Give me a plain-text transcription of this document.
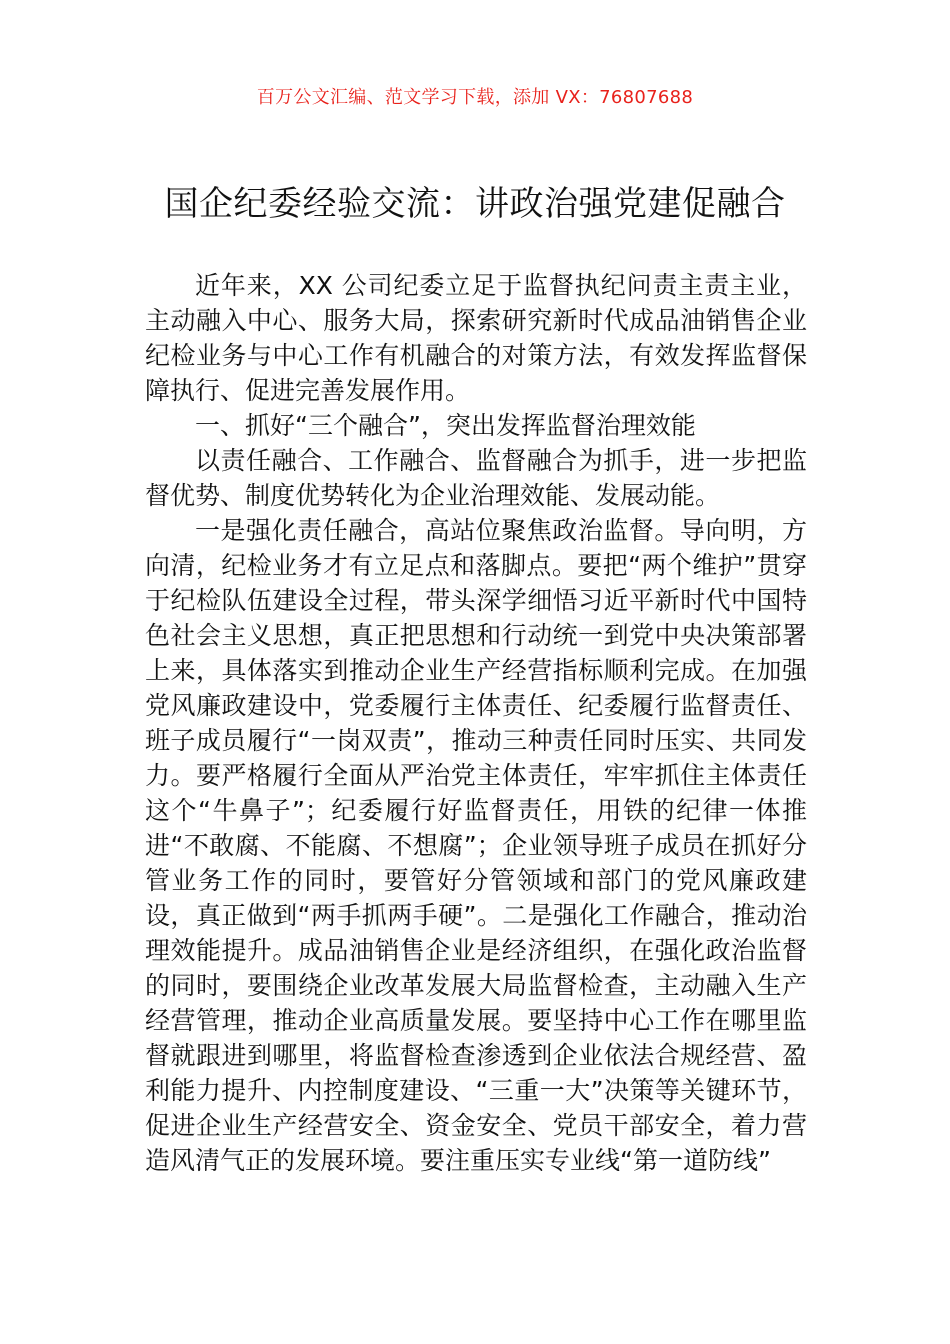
百万公文汇编、范文学习下载，添加 VX：76807688
国企纪委经验交流：讲政治强党建促融合

近年来，XX 公司纪委立足于监督执纪问责主责主业，主动融入中心、服务大局，探索研究新时代成品油销售企业纪检业务与中心工作有机融合的对策方法，有效发挥监督保障执行、促进完善发展作用。

一、抓好“三个融合”，突出发挥监督治理效能

以责任融合、工作融合、监督融合为抓手，进一步把监督优势、制度优势转化为企业治理效能、发展动能。

一是强化责任融合，高站位聚焦政治监督。导向明，方向清，纪检业务才有立足点和落脚点。要把“两个维护”贯穿于纪检队伍建设全过程，带头深学细悟习近平新时代中国特色社会主义思想，真正把思想和行动统一到党中央决策部署上来，具体落实到推动企业生产经营指标顺利完成。在加强党风廉政建设中，党委履行主体责任、纪委履行监督责任、班子成员履行“一岗双责”，推动三种责任同时压实、共同发力。要严格履行全面从严治党主体责任，牢牢抓住主体责任这个“牛鼻子”；纪委履行好监督责任，用铁的纪律一体推进“不敢腐、不能腐、不想腐”；企业领导班子成员在抓好分管业务工作的同时，要管好分管领域和部门的党风廉政建设，真正做到“两手抓两手硬”。二是强化工作融合，推动治理效能提升。成品油销售企业是经济组织，在强化政治监督的同时，要围绕企业改革发展大局监督检查，主动融入生产经营管理，推动企业高质量发展。要坚持中心工作在哪里监督就跟进到哪里，将监督检查渗透到企业依法合规经营、盈利能力提升、内控制度建设、“三重一大”决策等关键环节，促进企业生产经营安全、资金安全、党员干部安全，着力营造风清气正的发展环境。要注重压实专业线“第一道防线”
